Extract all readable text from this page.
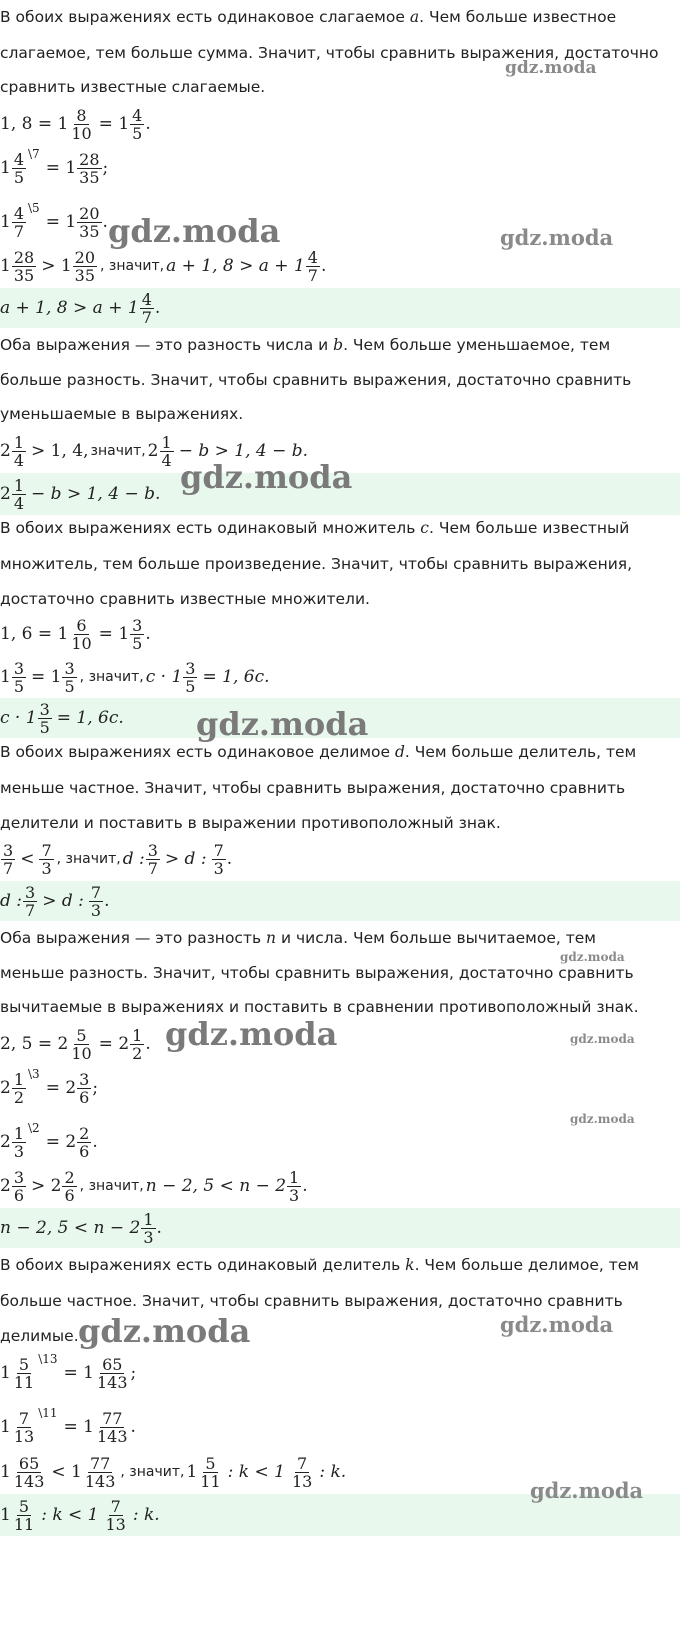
В обоих выражениях есть одинаковое слагаемое a. Чем больше известное
слагаемое, тем больше сумма. Значит, чтобы сравнить выражения, достаточно
сравнить известные слагаемые.
1, $8 = 1 \frac{8}{10} = 1 \frac{4}{5}$ .
$1 \frac{4}{5}$ \7
= $1 \frac{28}{35}$ ;
$1 \frac{4}{7}$ \5
= $1 \frac{20}{35}$ .
$1 \frac{28}{35} > 1 \frac{20}{35}$ , значит, a + 1, $8 > a + 1 \frac{4}{7}$ .
a + 1, $8 > a + 1 \frac{4}{7}$ .
Оба выражения — это разность числа и b. Чем больше уменьшаемое, тем
больше разность. Значит, чтобы сравнить выражения, достаточно сравнить
уменьшаемые в выражениях.
$2 \frac{1}{4} > 1$, 4, значит, $2 \frac{1}{4} - b > 1$, 4 − b.
$2 \frac{1}{4} - b > 1$, 4 − b.
В обоих выражениях есть одинаковый множитель c. Чем больше известный
множитель, тем больше произведение. Значит, чтобы сравнить выражения,
достаточно сравнить известные множители.
1, $6 = 1 \frac{6}{10} = 1 \frac{3}{5}$ .
$1 \frac{3}{5} = 1 \frac{3}{5}$ , значит, $c \cdot 1 \frac{3}{5} = 1$, 6c.
$c \cdot 1 \frac{3}{5} = 1$, 6c.
В обоих выражениях есть одинаковое делимое d. Чем больше делитель, тем
меньше частное. Значит, чтобы сравнить выражения, достаточно сравнить
делители и поставить в выражении противоположный знак.
$\frac{3}{7} < \frac{7}{3}$ , значит, d : $\frac{3}{7} > d$ : $\frac{7}{3}$ .
d : $\frac{3}{7} > d$ : $\frac{7}{3}$ .
Оба выражения — это разность n и числа. Чем больше вычитаемое, тем
меньше разность. Значит, чтобы сравнить выражения, достаточно сравнить
вычитаемые в выражениях и поставить в сравнении противоположный знак.
2, $5 = 2 \frac{5}{10} = 2 \frac{1}{2}$ .
$2 \frac{1}{2}$ \3
= $2 \frac{3}{6}$ ;
$2 \frac{1}{3}$ \2
= $2 \frac{2}{6}$ .
$2 \frac{3}{6} > 2 \frac{2}{6}$ , значит, n − 2, $5 < n - 2 \frac{1}{3}$ .
n − 2, $5 < n - 2 \frac{1}{3}$ .
В обоих выражениях есть одинаковый делитель k. Чем больше делимое, тем
больше частное. Значит, чтобы сравнить выражения, достаточно сравнить
делимые.
$1 \frac{5}{11}$ \13
= $1 \frac{65}{143}$ ;
$1 \frac{7}{13}$ \11
= $1 \frac{77}{143}$ .
$1 \frac{65}{143} < 1 \frac{77}{143}$ , значит, $1 \frac{5}{11}$ : $k < 1 \frac{7}{13}$ : k.
$1 \frac{5}{11}$ : $k < 1 \frac{7}{13}$ : k.
gdz.moda
gdz.moda	gdz.moda
gdz.moda
gdz.moda
gdz.moda
gdz.moda	gdz.moda
gdz.moda
gdz.moda	gdz.moda
gdz.moda
